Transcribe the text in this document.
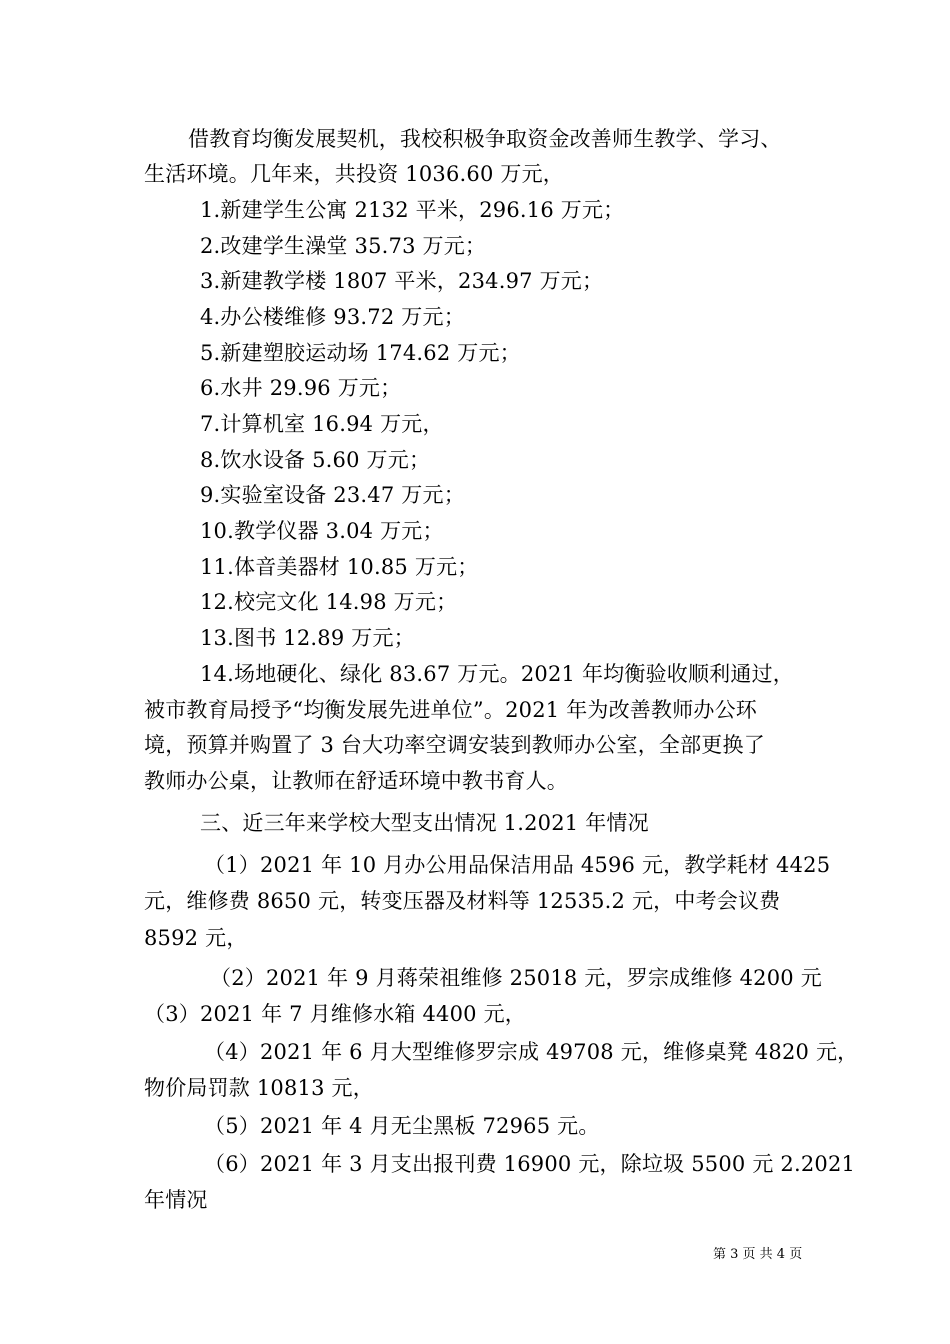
借教育均衡发展契机，我校积极争取资金改善师生教学、学习、
生活环境。几年来，共投资 1036.60 万元，
1.新建学生公寓 2132 平米，296.16 万元；
2.改建学生澡堂 35.73 万元；
3.新建教学楼 1807 平米，234.97 万元；
4.办公楼维修 93.72 万元；
5.新建塑胶运动场 174.62 万元；
6.水井 29.96 万元；
7.计算机室 16.94 万元，
8.饮水设备 5.60 万元；
9.实验室设备 23.47 万元；
10.教学仪器 3.04 万元；
11.体音美器材 10.85 万元；
12.校完文化 14.98 万元；
13.图书 12.89 万元；
14.场地硬化、绿化 83.67 万元。2021 年均衡验收顺利通过，
被市教育局授予“均衡发展先进单位”。2021 年为改善教师办公环
境，预算并购置了 3 台大功率空调安装到教师办公室，全部更换了
教师办公桌，让教师在舒适环境中教书育人。
三、近三年来学校大型支出情况 1.2021 年情况
（1）2021 年 10 月办公用品保洁用品 4596 元，教学耗材 4425
元，维修费 8650 元，转变压器及材料等 12535.2 元，中考会议费
8592 元，
（2）2021 年 9 月蒋荣祖维修 25018 元，罗宗成维修 4200 元
（3）2021 年 7 月维修水箱 4400 元，
（4）2021 年 6 月大型维修罗宗成 49708 元，维修桌凳 4820 元，
物价局罚款 10813 元，
（5）2021 年 4 月无尘黑板 72965 元。
（6）2021 年 3 月支出报刊费 16900 元，除垃圾 5500 元 2.2021
年情况
第 3 页 共 4 页
